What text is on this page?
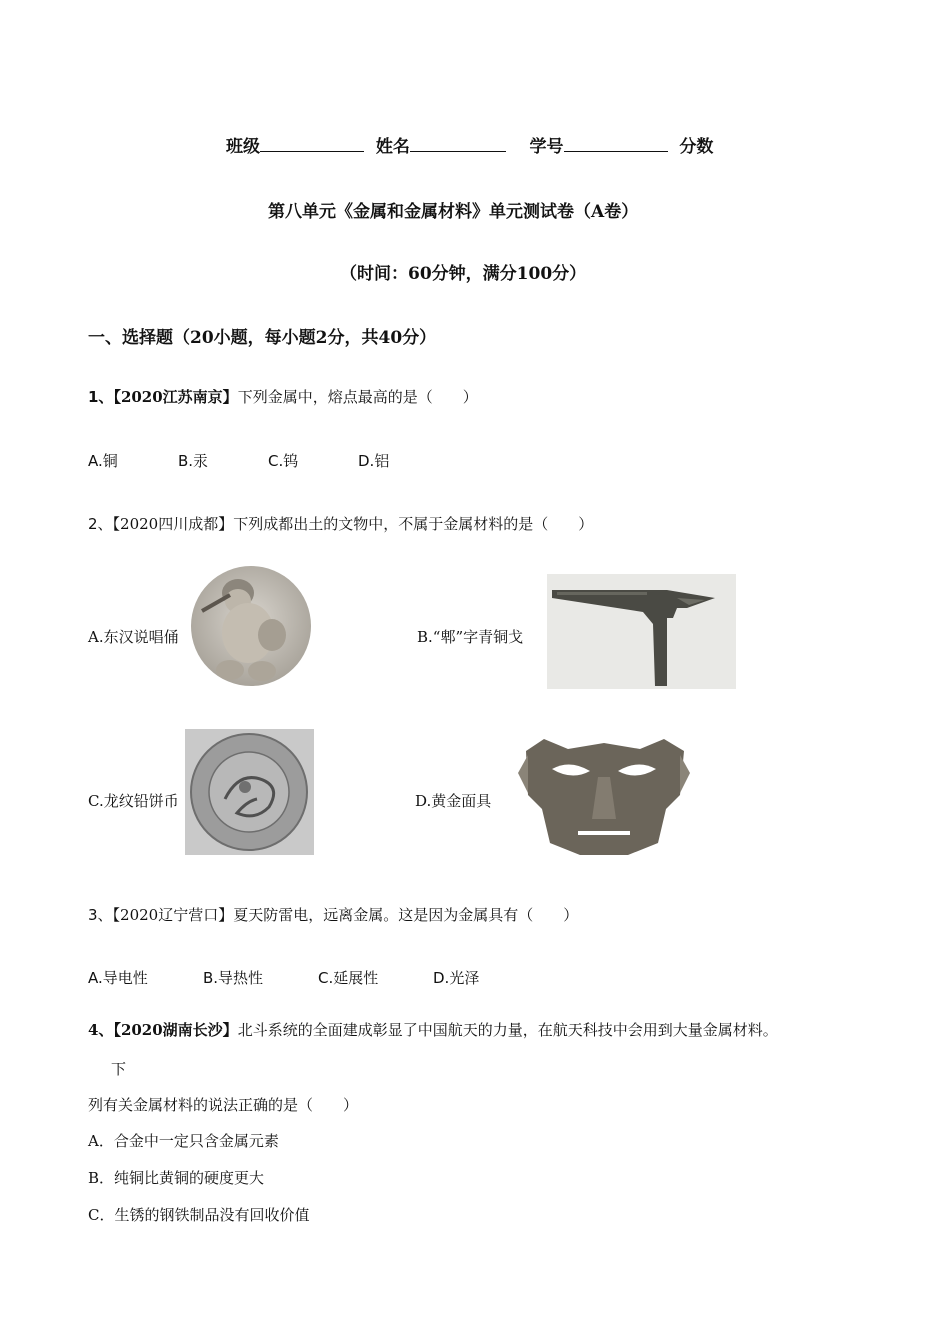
班级	姓名	学号	分数
第八单元《金属和金属材料》单元测试卷（A卷）
（时间：60分钟，满分100分）
一、选择题（20小题，每小题2分，共40分）
1、【2020江苏南京】下列金属中，熔点最高的是（　　）
A.铜	B.汞	C.钨	D.铝
2、【2020四川成都】下列成都出土的文物中，不属于金属材料的是（　　）
A.东汉说唱俑	B.“郫”字青铜戈
C.龙纹铅饼币	D.黄金面具
3、【2020辽宁营口】夏天防雷电，远离金属。这是因为金属具有（　　）
A.导电性	B.导热性	C.延展性	D.光泽
4、【2020湖南长沙】北斗系统的全面建成彰显了中国航天的力量，在航天科技中会用到大量金属材料。
下
列有关金属材料的说法正确的是（　　）
A．合金中一定只含金属元素
B．纯铜比黄铜的硬度更大
C．生锈的钢铁制品没有回收价值
